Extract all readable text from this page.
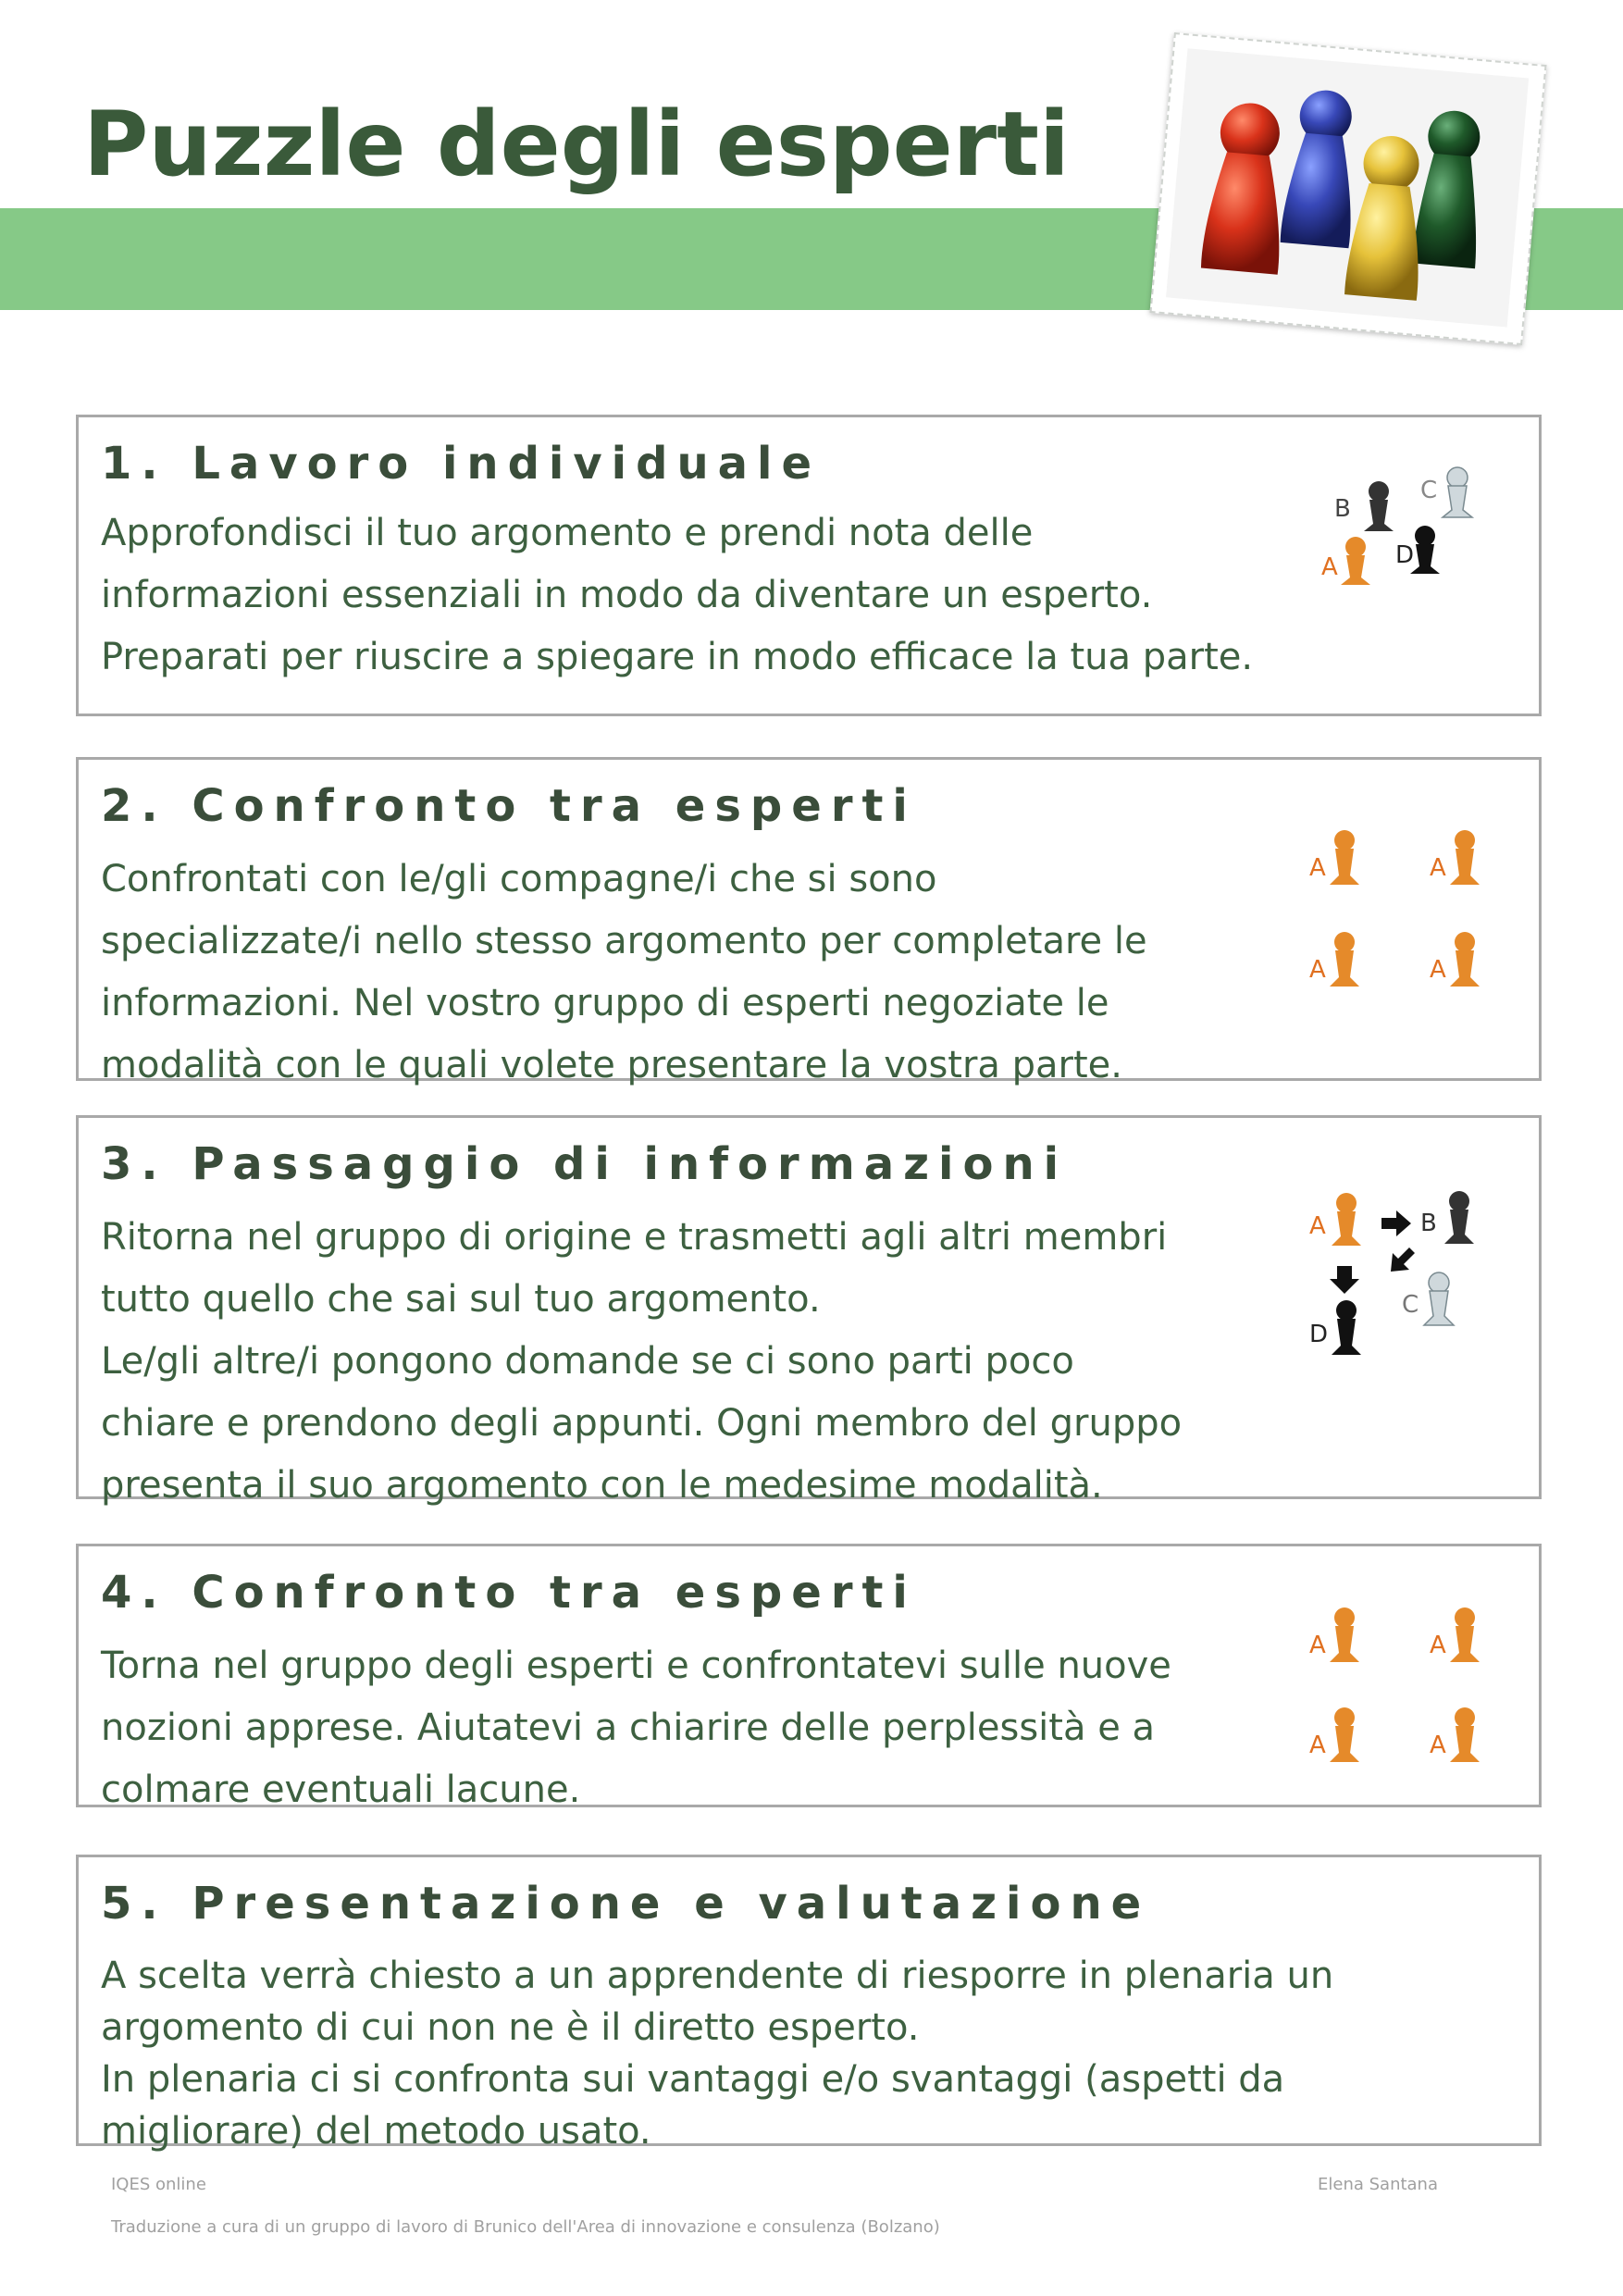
Puzzle degli esperti
1. Lavoro individuale

Approfondisci il tuo argomento e prendi nota delle
informazioni essenziali in modo da diventare un esperto.
Preparati per riuscire a spiegare in modo efficace la tua parte.

B
C
A D
2. Confronto tra esperti

Confrontati con le/gli compagne/i che si sono
specializzate/i nello stesso argomento per completare le
informazioni. Nel vostro gruppo di esperti negoziate le
modalità con le quali volete presentare la vostra parte.

A	A
A	A
3. Passaggio di informazioni

Ritorna nel gruppo di origine e trasmetti agli altri membri
tutto quello che sai sul tuo argomento.
Le/gli altre/i pongono domande se ci sono parti poco
chiare e prendono degli appunti. Ogni membro del gruppo
presenta il suo argomento con le medesime modalità.

A	B
C
D
4. Confronto tra esperti

Torna nel gruppo degli esperti e confrontatevi sulle nuove
nozioni apprese. Aiutatevi a chiarire delle perplessità e a
colmare eventuali lacune.

A	A
A	A
5. Presentazione e valutazione

A scelta verrà chiesto a un apprendente di riesporre in plenaria un
argomento di cui non ne è il diretto esperto.
In plenaria ci si confronta sui vantaggi e/o svantaggi (aspetti da
migliorare) del metodo usato.

IQES online	Elena Santana
Traduzione a cura di un gruppo di lavoro di Brunico dell'Area di innovazione e consulenza (Bolzano)
